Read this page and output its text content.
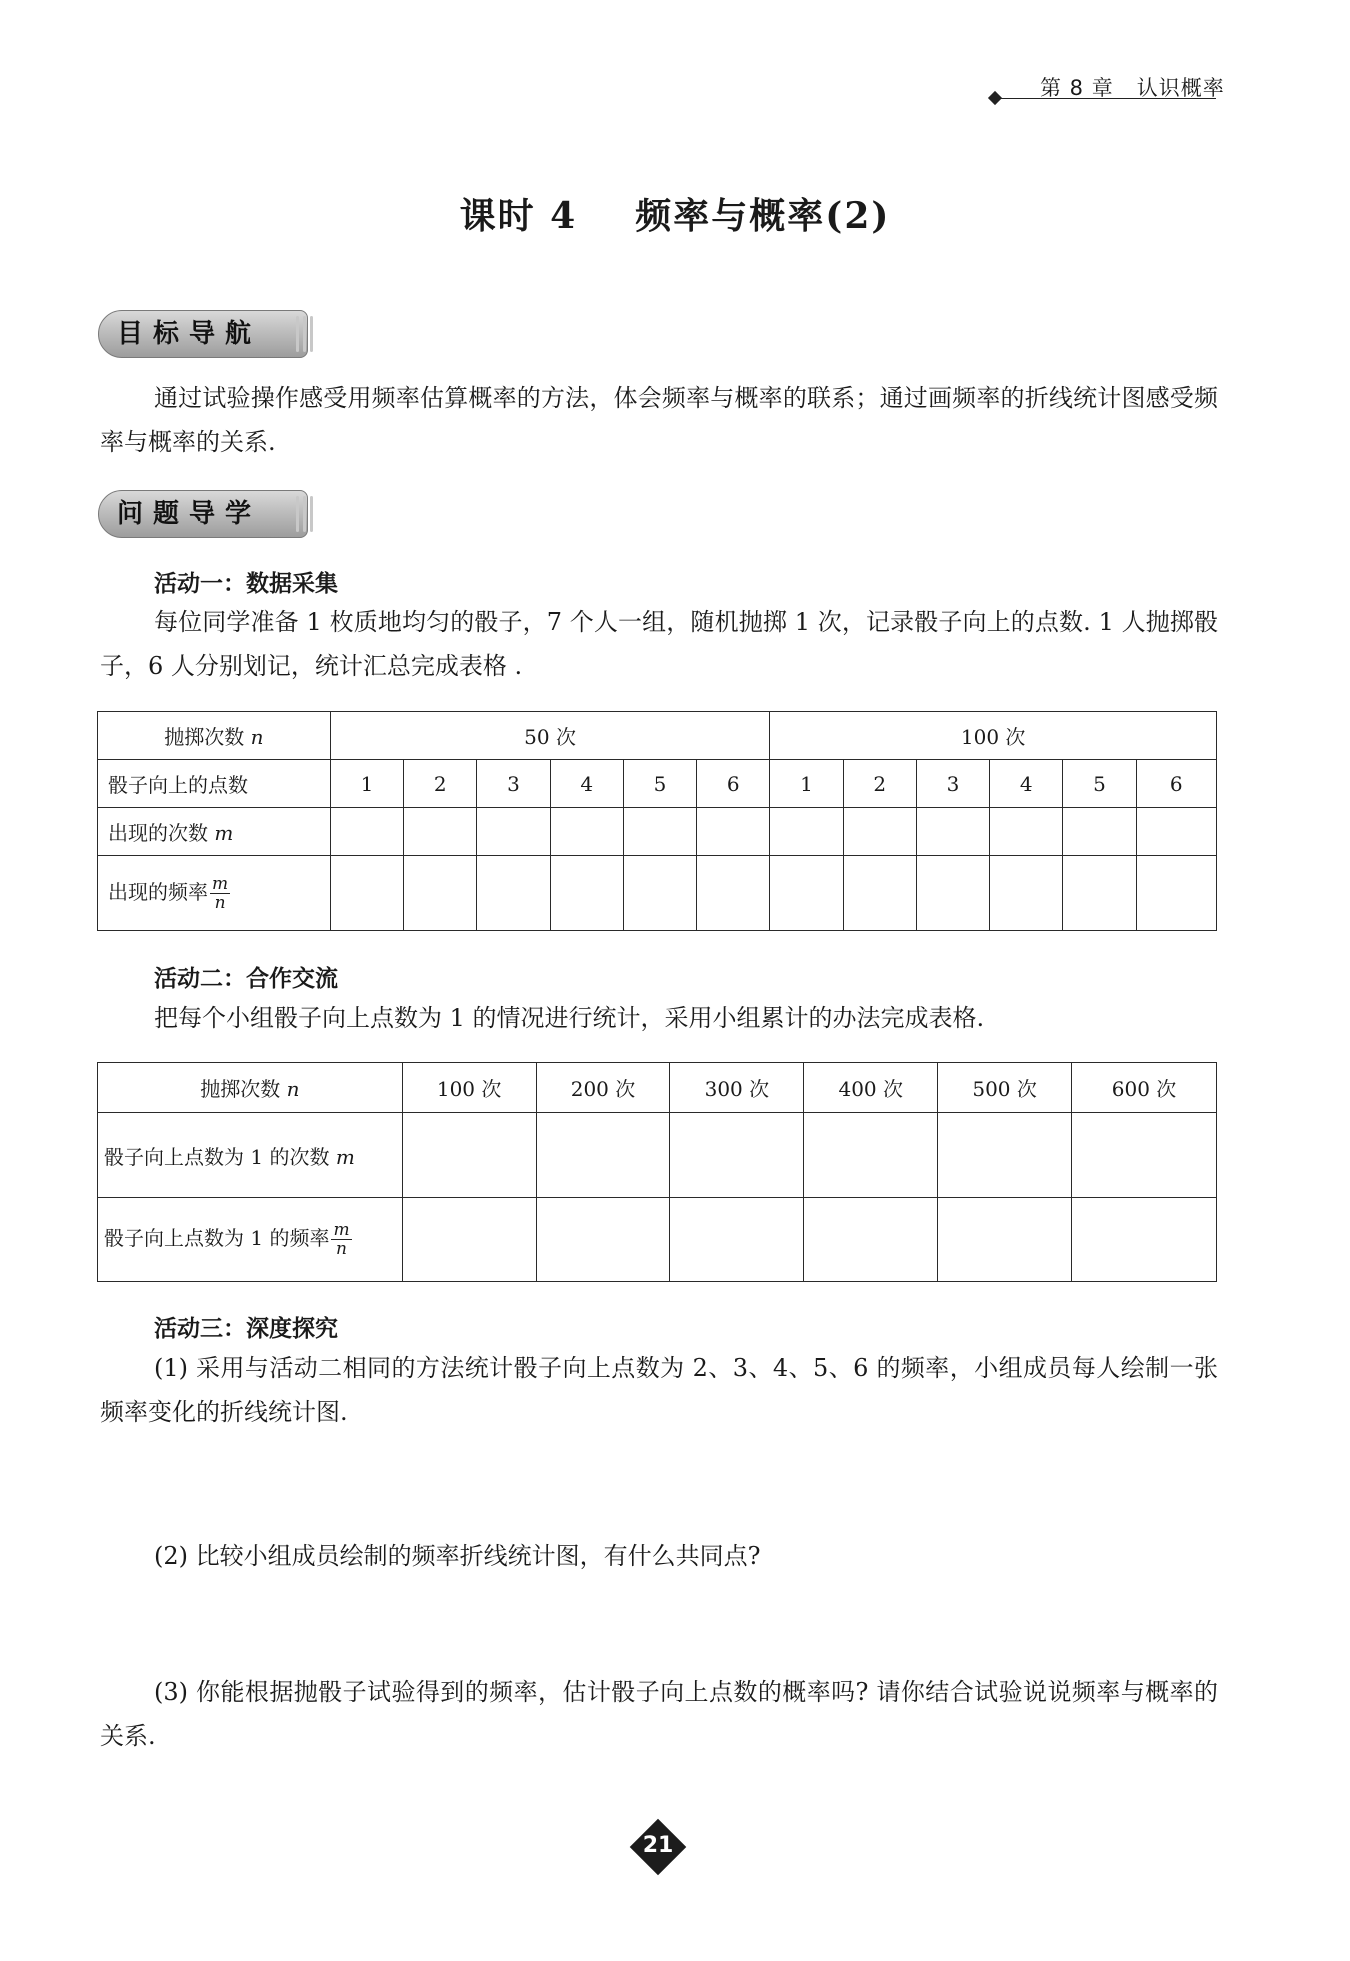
第 8 章   认识概率
课时 4    频率与概率(2)
目标导航
通过试验操作感受用频率估算概率的方法，体会频率与概率的联系；通过画频率的折线统计图感受频率与概率的关系.
问题导学
活动一：数据采集
每位同学准备 1 枚质地均匀的骰子，7 个人一组，随机抛掷 1 次，记录骰子向上的点数. 1 人抛掷骰子，6 人分别划记，统计汇总完成表格 .
抛掷次数 n	50 次						100 次					
骰子向上的点数	1	2	3	4	5	6	1	2	3	4	5	6
出现的次数 m												
出现的频率 $\frac{m}{n}$

活动二：合作交流
把每个小组骰子向上点数为 1 的情况进行统计，采用小组累计的办法完成表格.
抛掷次数 n	100 次	200 次	300 次	400 次	500 次	600 次
骰子向上点数为 1 的次数 m						
骰子向上点数为 1 的频率 $\frac{m}{n}$

活动三：深度探究
(1) 采用与活动二相同的方法统计骰子向上点数为 2、3、4、5、6 的频率，小组成员每人绘制一张频率变化的折线统计图.
(2) 比较小组成员绘制的频率折线统计图，有什么共同点?
(3) 你能根据抛骰子试验得到的频率，估计骰子向上点数的概率吗? 请你结合试验说说频率与概率的关系.
21
